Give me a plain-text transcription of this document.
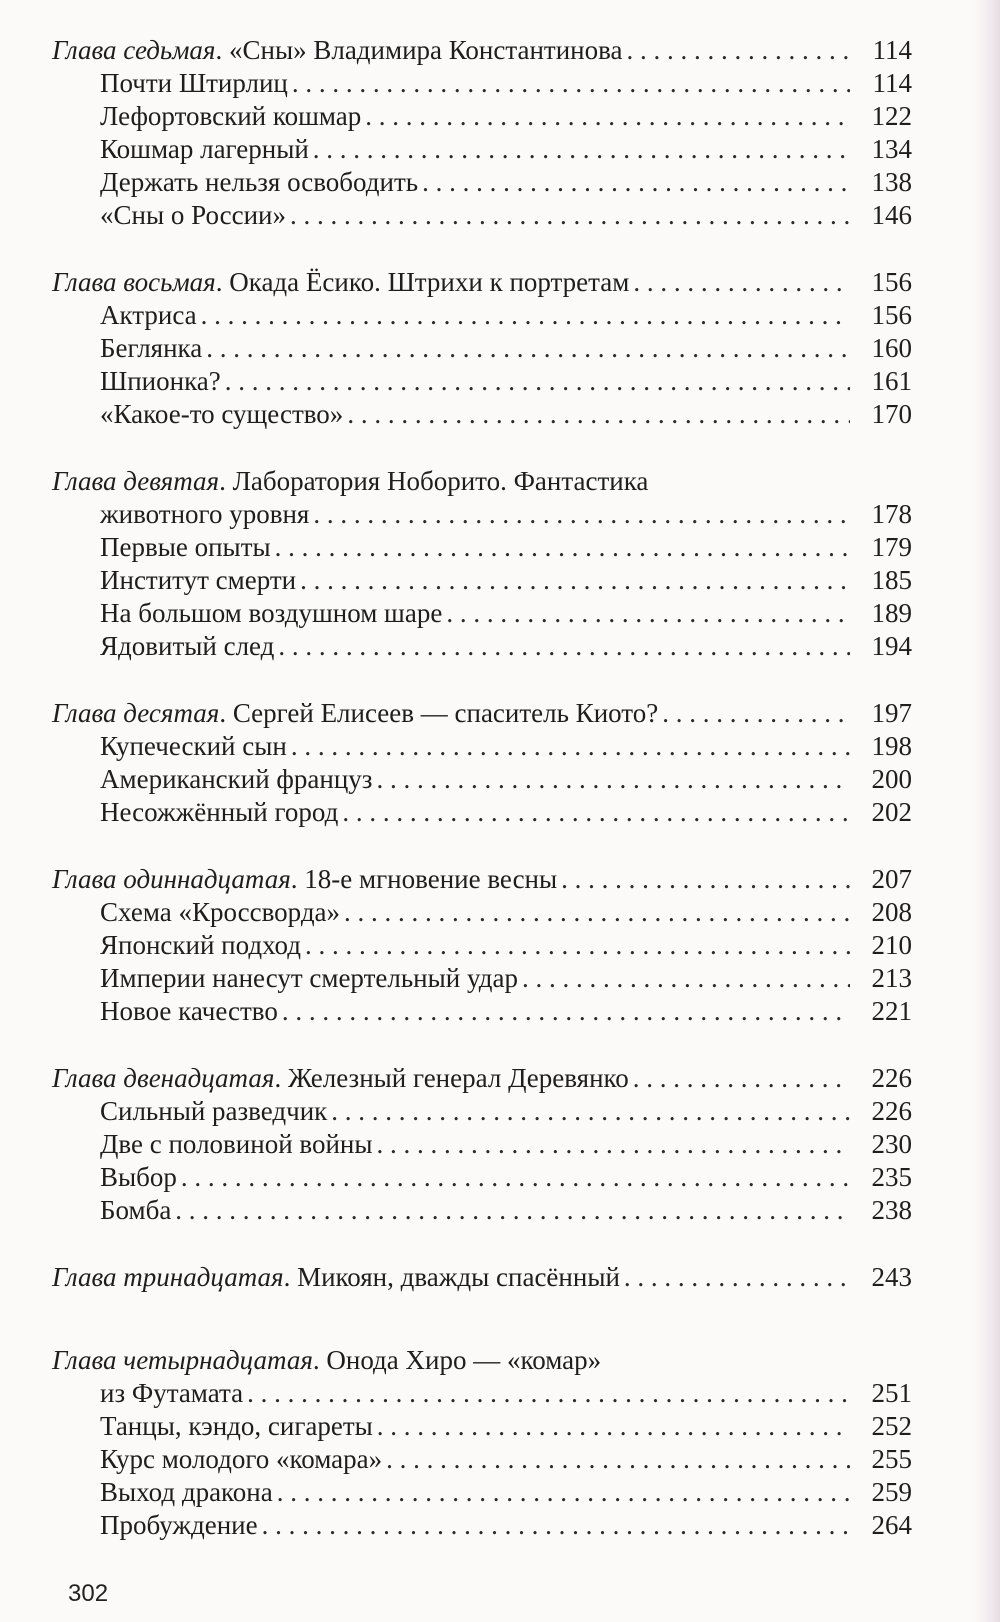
Глава седьмая. «Сны» Владимира Константинова . . .	114
Почти Штирлиц . . .	114
Лефортовский кошмар . . .	122
Кошмар лагерный . . .	134
Держать нельзя освободить . . .	138
«Сны о России» . . .	146
Глава восьмая. Окада Ёсико. Штрихи к портретам . . .	156
Актриса . . .	156
Беглянка . . .	160
Шпионка? . . .	161
«Какое-то существо» . . .	170
Глава девятая. Лаборатория Ноборито. Фантастика
животного уровня . . .	178
Первые опыты . . .	179
Институт смерти . . .	185
На большом воздушном шаре . . .	189
Ядовитый след . . .	194
Глава десятая. Сергей Елисеев — спаситель Киото? . . .	197
Купеческий сын . . .	198
Американский француз . . .	200
Несожжённый город . . .	202
Глава одиннадцатая. 18-е мгновение весны . . .	207
Схема «Кроссворда» . . .	208
Японский подход . . .	210
Империи нанесут смертельный удар . . .	213
Новое качество . . .	221
Глава двенадцатая. Железный генерал Деревянко . . .	226
Сильный разведчик . . .	226
Две с половиной войны . . .	230
Выбор . . .	235
Бомба . . .	238
Глава тринадцатая. Микоян, дважды спасённый . . .	243
Глава четырнадцатая. Онода Хиро — «комар»
из Футамата . . .	251
Танцы, кэндо, сигареты . . .	252
Курс молодого «комара» . . .	255
Выход дракона . . .	259
Пробуждение . . .	264
302
